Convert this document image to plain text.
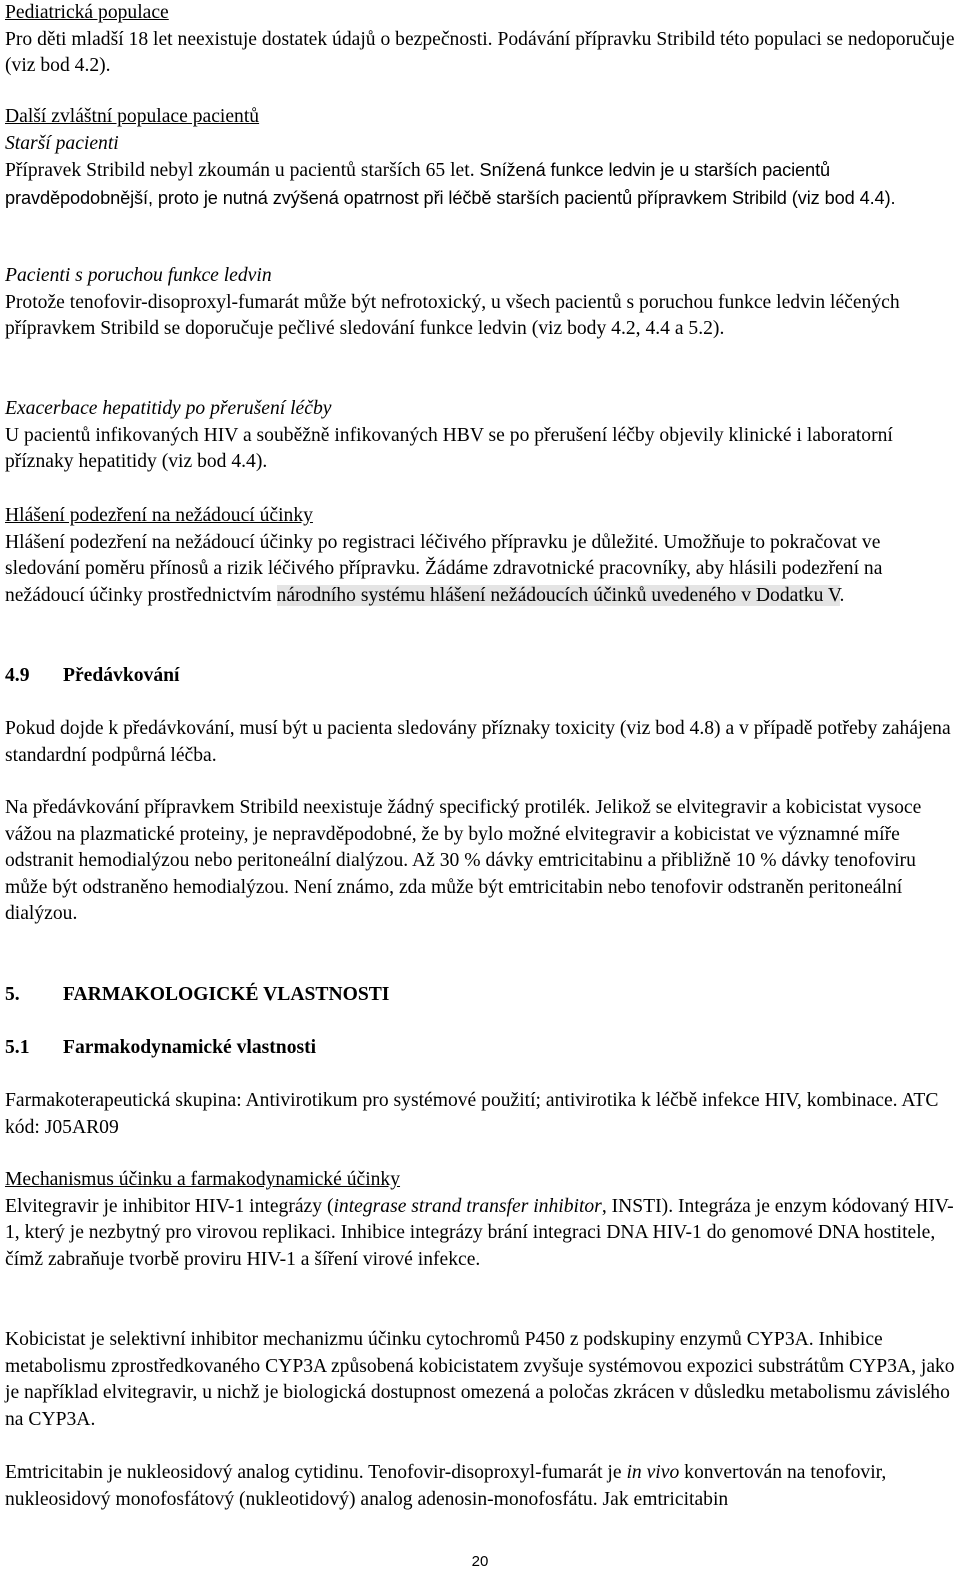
Pediatrická populace

Pro děti mladší 18 let neexistuje dostatek údajů o bezpečnosti. Podávání přípravku Stribild této populaci se nedoporučuje (viz bod 4.2).

Další zvláštní populace pacientů

Starší pacienti

Přípravek Stribild nebyl zkoumán u pacientů starších 65 let. Snížená funkce ledvin je u starších pacientů pravděpodobnější, proto je nutná zvýšená opatrnost při léčbě starších pacientů přípravkem Stribild (viz bod 4.4).

Pacienti s poruchou funkce ledvin

Protože tenofovir-disoproxyl-fumarát může být nefrotoxický, u všech pacientů s poruchou funkce ledvin léčených přípravkem Stribild se doporučuje pečlivé sledování funkce ledvin (viz body 4.2, 4.4 a 5.2).

Exacerbace hepatitidy po přerušení léčby

U pacientů infikovaných HIV a souběžně infikovaných HBV se po přerušení léčby objevily klinické i laboratorní příznaky hepatitidy (viz bod 4.4).

Hlášení podezření na nežádoucí účinky

Hlášení podezření na nežádoucí účinky po registraci léčivého přípravku je důležité. Umožňuje to pokračovat ve sledování poměru přínosů a rizik léčivého přípravku. Žádáme zdravotnické pracovníky, aby hlásili podezření na nežádoucí účinky prostřednictvím národního systému hlášení nežádoucích účinků uvedeného v Dodatku V.

4.9 Předávkování

Pokud dojde k předávkování, musí být u pacienta sledovány příznaky toxicity (viz bod 4.8) a v případě potřeby zahájena standardní podpůrná léčba.

Na předávkování přípravkem Stribild neexistuje žádný specifický protilék. Jelikož se elvitegravir a kobicistat vysoce vážou na plazmatické proteiny, je nepravděpodobné, že by bylo možné elvitegravir a kobicistat ve významné míře odstranit hemodialýzou nebo peritoneální dialýzou. Až 30 % dávky emtricitabinu a přibližně 10 % dávky tenofoviru může být odstraněno hemodialýzou. Není známo, zda může být emtricitabin nebo tenofovir odstraněn peritoneální dialýzou.

5. FARMAKOLOGICKÉ VLASTNOSTI
5.1 Farmakodynamické vlastnosti

Farmakoterapeutická skupina: Antivirotikum pro systémové použití; antivirotika k léčbě infekce HIV, kombinace. ATC kód: J05AR09

Mechanismus účinku a farmakodynamické účinky

Elvitegravir je inhibitor HIV-1 integrázy (integrase strand transfer inhibitor, INSTI). Integráza je enzym kódovaný HIV-1, který je nezbytný pro virovou replikaci. Inhibice integrázy brání integraci DNA HIV-1 do genomové DNA hostitele, čímž zabraňuje tvorbě proviru HIV-1 a šíření virové infekce.

Kobicistat je selektivní inhibitor mechanizmu účinku cytochromů P450 z podskupiny enzymů CYP3A. Inhibice metabolismu zprostředkovaného CYP3A způsobená kobicistatem zvyšuje systémovou expozici substrátům CYP3A, jako je například elvitegravir, u nichž je biologická dostupnost omezená a poločas zkrácen v důsledku metabolismu závislého na CYP3A.

Emtricitabin je nukleosidový analog cytidinu. Tenofovir-disoproxyl-fumarát je in vivo konvertován na tenofovir, nukleosidový monofosfátový (nukleotidový) analog adenosin-monofosfátu. Jak emtricitabin

20
